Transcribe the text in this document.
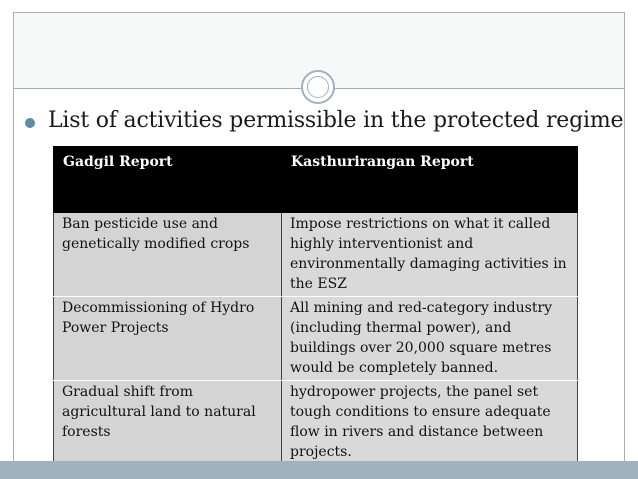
List of activities permissible in the protected regime
Gadgil Report	Kasthurirangan Report
Ban pesticide use and genetically modified crops	Impose restrictions on what it called highly interventionist and environmentally damaging activities in the ESZ
Decommissioning of Hydro Power Projects	All mining and red-category industry (including thermal power), and buildings over 20,000 square metres would be completely banned.
Gradual shift from agricultural land to natural forests	hydropower projects, the panel set tough conditions to ensure adequate flow in rivers and distance between projects.
